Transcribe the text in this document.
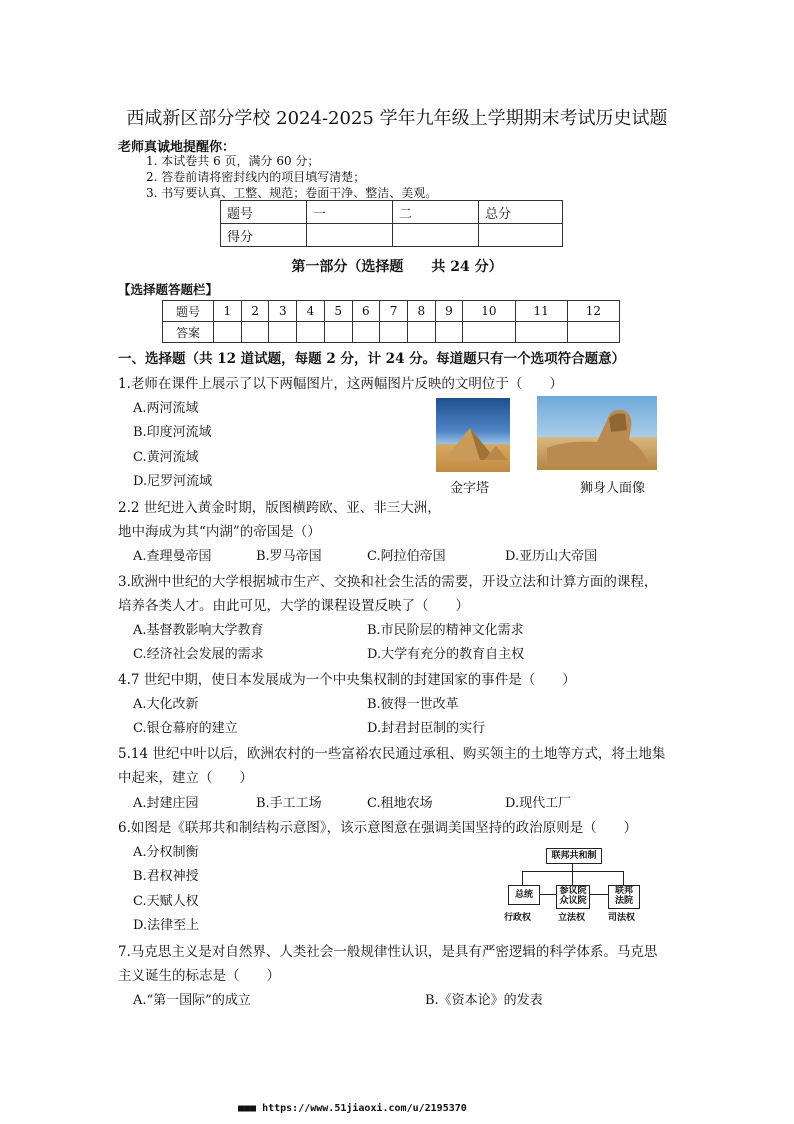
西咸新区部分学校 2024-2025 学年九年级上学期期末考试历史试题
老师真诚地提醒你：
1. 本试卷共 6 页，满分 60 分；
2. 答卷前请将密封线内的项目填写清楚；
3. 书写要认真、工整、规范；卷面干净、整洁、美观。
题号	一	二	总分
得分			
第一部分（选择题　　共 24 分）
【选择题答题栏】
题号	1	2	3	4	5	6	7	8	9	10	11	12
答案												
一、选择题（共 12 道试题，每题 2 分，计 24 分。每道题只有一个选项符合题意）
1.老师在课件上展示了以下两幅图片，这两幅图片反映的文明位于（　　）
A.两河流域
B.印度河流域
C.黄河流域
D.尼罗河流域	金字塔	狮身人面像
2.2 世纪进入黄金时期，版图横跨欧、亚、非三大洲，
地中海成为其“内湖”的帝国是（）
A.查理曼帝国	B.罗马帝国	C.阿拉伯帝国	D.亚历山大帝国
3.欧洲中世纪的大学根据城市生产、交换和社会生活的需要，开设立法和计算方面的课程，
培养各类人才。由此可见，大学的课程设置反映了（　　）
A.基督教影响大学教育	B.市民阶层的精神文化需求
C.经济社会发展的需求	D.大学有充分的教育自主权
4.7 世纪中期，使日本发展成为一个中央集权制的封建国家的事件是（　　）
A.大化改新	B.彼得一世改革
C.银仓幕府的建立	D.封君封臣制的实行
5.14 世纪中叶以后，欧洲农村的一些富裕农民通过承租、购买领主的土地等方式，将土地集
中起来，建立（　　）
A.封建庄园	B.手工工场	C.租地农场	D.现代工厂
6.如图是《联邦共和制结构示意图》，该示意图意在强调美国坚持的政治原则是（　　）
A.分权制衡
B.君权神授
C.天赋人权
D.法律至上
联邦共和制
总统	参议院
众议院
联邦
法院
行政权	立法权	司法权
7.马克思主义是对自然界、人类社会一般规律性认识，是具有严密逻辑的科学体系。马克思
主义诞生的标志是（　　）
A.“第一国际”的成立	B.《资本论》的发表
■■■ https://www.51jiaoxi.com/u/2195370
